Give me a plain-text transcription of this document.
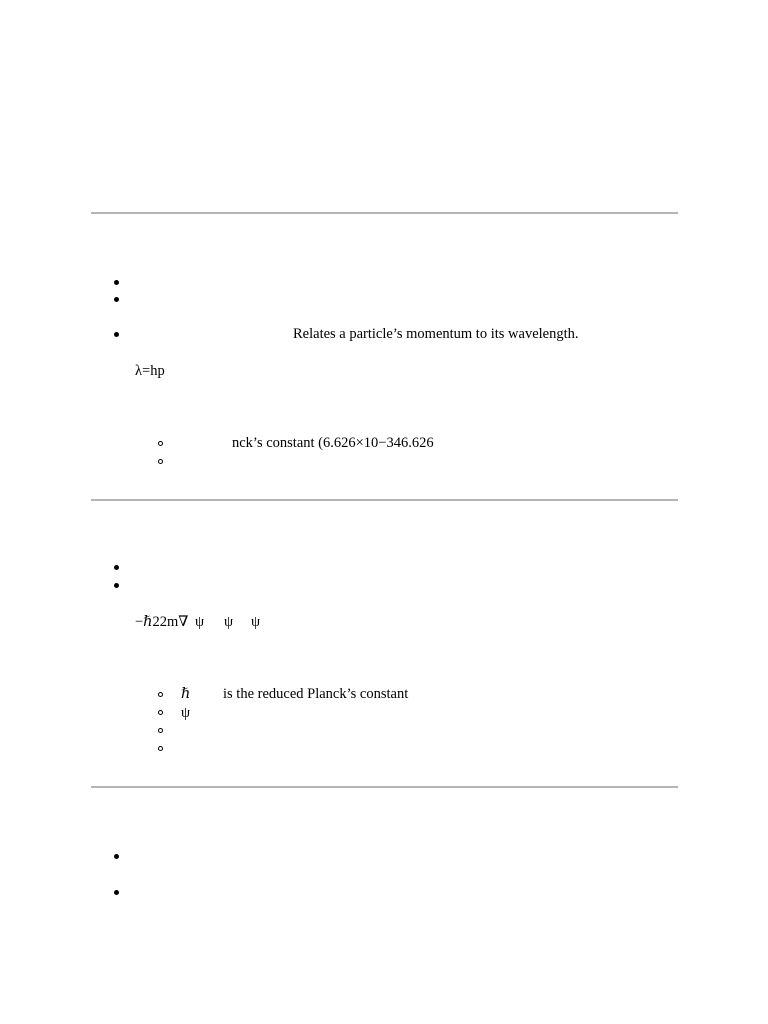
Relates a particle’s momentum to its wavelength.
λ=hp
nck’s constant (6.626×10−346.626
−ℏ22m∇ ψ ψ ψ
ℏ is the reduced Planck’s constant
ψ
